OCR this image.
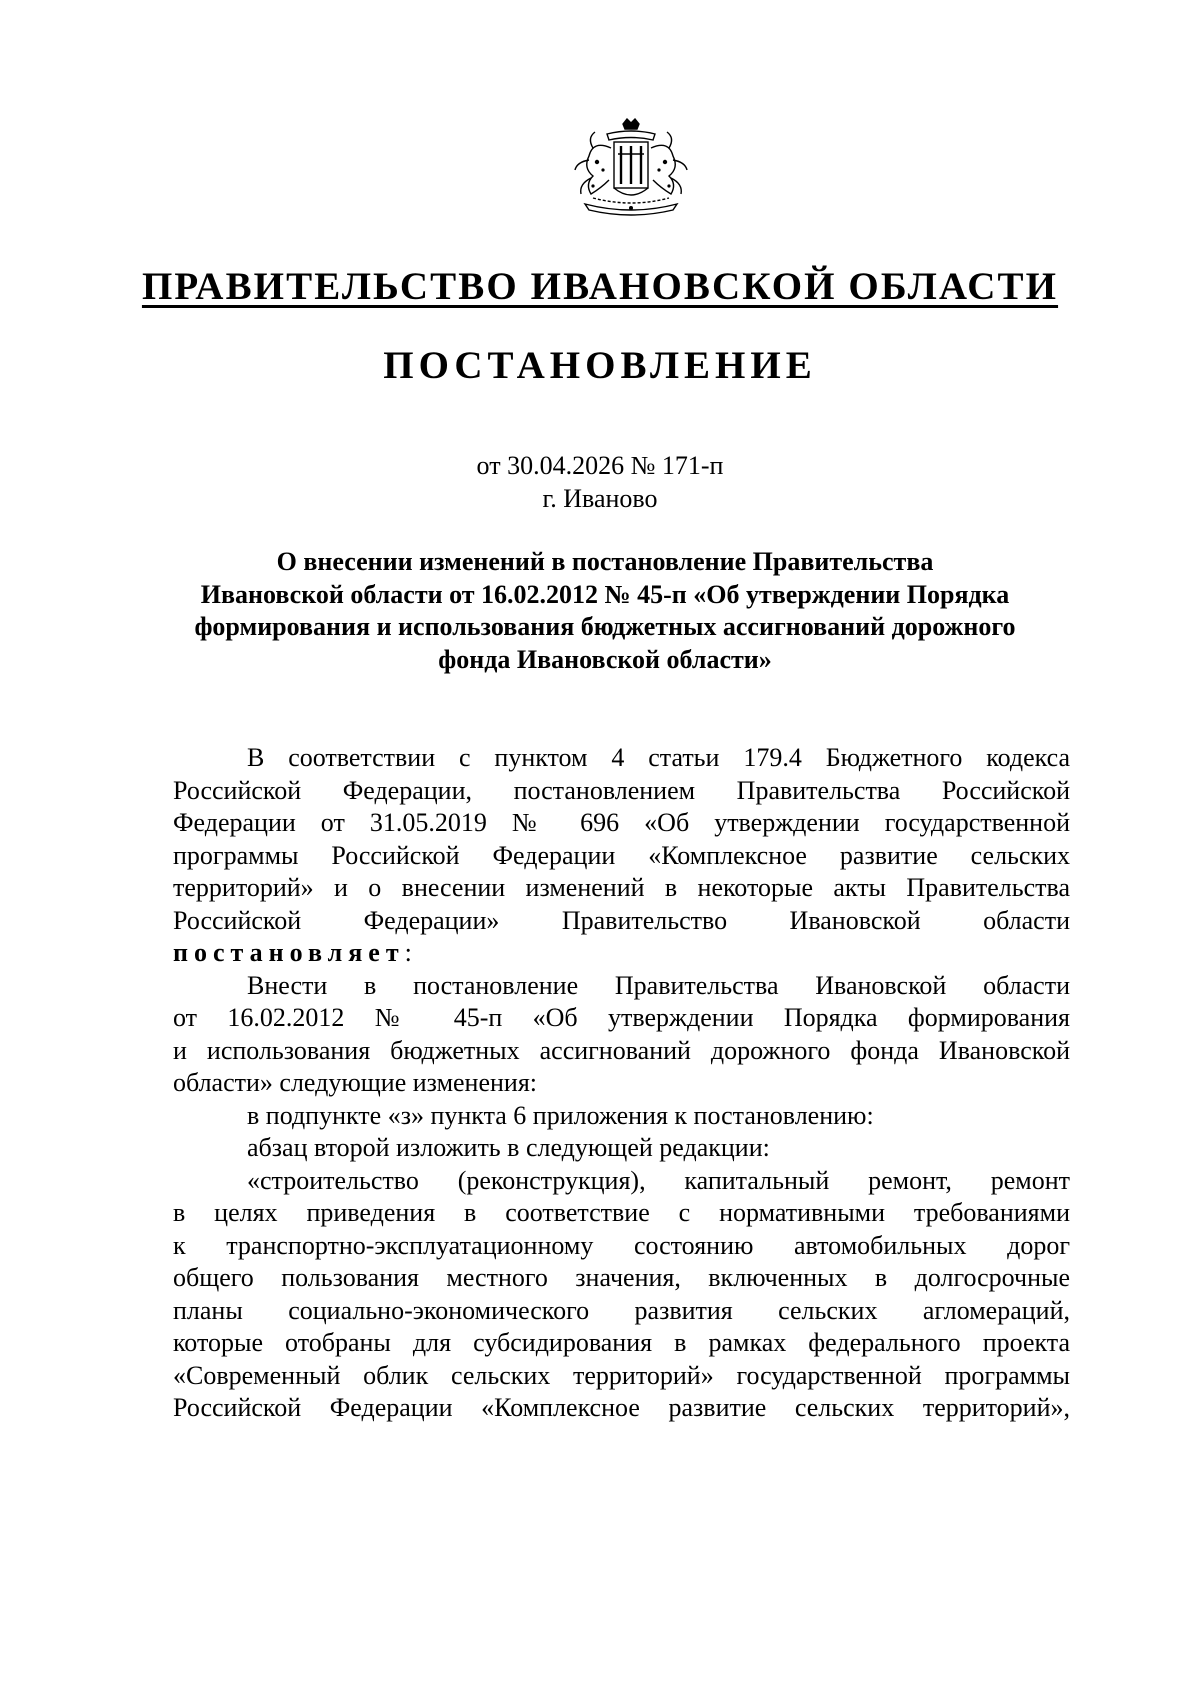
ПРАВИТЕЛЬСТВО ИВАНОВСКОЙ ОБЛАСТИ
ПОСТАНОВЛЕНИЕ
от 30.04.2026 № 171-п
г. Иваново
О внесении изменений в постановление Правительства
Ивановской области от 16.02.2012 № 45-п «Об утверждении Порядка
формирования и использования бюджетных ассигнований дорожного
фонда Ивановской области»
В соответствии с пунктом 4 статьи 179.4 Бюджетного кодекса
Российской Федерации, постановлением Правительства Российской
Федерации от 31.05.2019 № 696 «Об утверждении государственной
программы Российской Федерации «Комплексное развитие сельских
территорий» и о внесении изменений в некоторые акты Правительства
Российской Федерации» Правительство Ивановской области
постановляет:
Внести в постановление Правительства Ивановской области
от 16.02.2012 № 45-п «Об утверждении Порядка формирования
и использования бюджетных ассигнований дорожного фонда Ивановской
области» следующие изменения:
в подпункте «з» пункта 6 приложения к постановлению:
абзац второй изложить в следующей редакции:
«строительство (реконструкция), капитальный ремонт, ремонт
в целях приведения в соответствие с нормативными требованиями
к транспортно-эксплуатационному состоянию автомобильных дорог
общего пользования местного значения, включенных в долгосрочные
планы социально-экономического развития сельских агломераций,
которые отобраны для субсидирования в рамках федерального проекта
«Современный облик сельских территорий» государственной программы
Российской Федерации «Комплексное развитие сельских территорий»,
